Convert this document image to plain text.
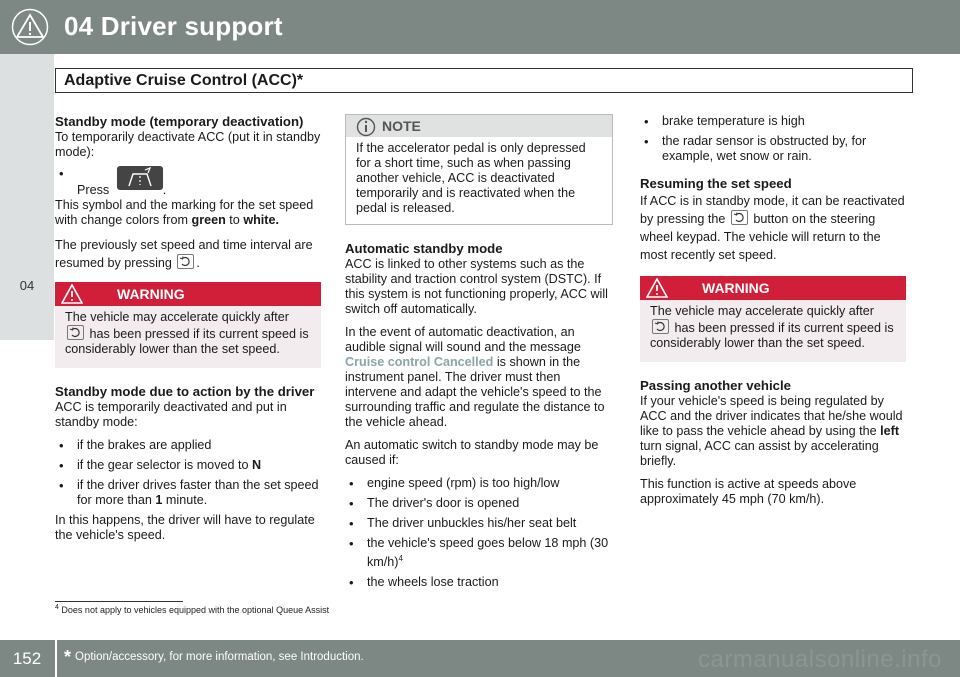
04 Driver support
04
Adaptive Cruise Control (ACC)*
Standby mode (temporary deactivation)

To temporarily deactivate ACC (put it in standby mode):

• Press	.

This symbol and the marking for the set speed with change colors from green to white.

The previously set speed and time interval are resumed by pressing
.

WARNING
The vehicle may accelerate quickly after

has been pressed if its current speed is considerably lower than the set speed.
Standby mode due to action by the driver

ACC is temporarily deactivated and put in standby mode:

• if the brakes are applied
• if the gear selector is moved to N
• if the driver drives faster than the set speed for more than 1 minute.

In this happens, the driver will have to regulate the vehicle's speed.

NOTE
If the accelerator pedal is only depressed for a short time, such as when passing another vehicle, ACC is deactivated temporarily and is reactivated when the pedal is released.
Automatic standby mode

ACC is linked to other systems such as the stability and traction control system (DSTC). If this system is not functioning properly, ACC will switch off automatically.

In the event of automatic deactivation, an audible signal will sound and the message Cruise control Cancelled is shown in the instrument panel. The driver must then intervene and adapt the vehicle's speed to the surrounding traffic and regulate the distance to the vehicle ahead.

An automatic switch to standby mode may be caused if:

• engine speed (rpm) is too high/low
• The driver's door is opened
• The driver unbuckles his/her seat belt
• the vehicle's speed goes below 18 mph (30 km/h)$^4$
• the wheels lose traction
• brake temperature is high
• the radar sensor is obstructed by, for example, wet snow or rain.
Resuming the set speed

If ACC is in standby mode, it can be reactivated by pressing the
button on the steering wheel keypad. The vehicle will return to the most recently set speed.

WARNING
The vehicle may accelerate quickly after

has been pressed if its current speed is considerably lower than the set speed.
Passing another vehicle

If your vehicle's speed is being regulated by ACC and the driver indicates that he/she would like to pass the vehicle ahead by using the left turn signal, ACC can assist by accelerating briefly.

This function is active at speeds above approximately 45 mph (70 km/h).

$^4$ Does not apply to vehicles equipped with the optional Queue Assist
152	* Option/accessory, for more information, see Introduction.	carmanualsonline.info
